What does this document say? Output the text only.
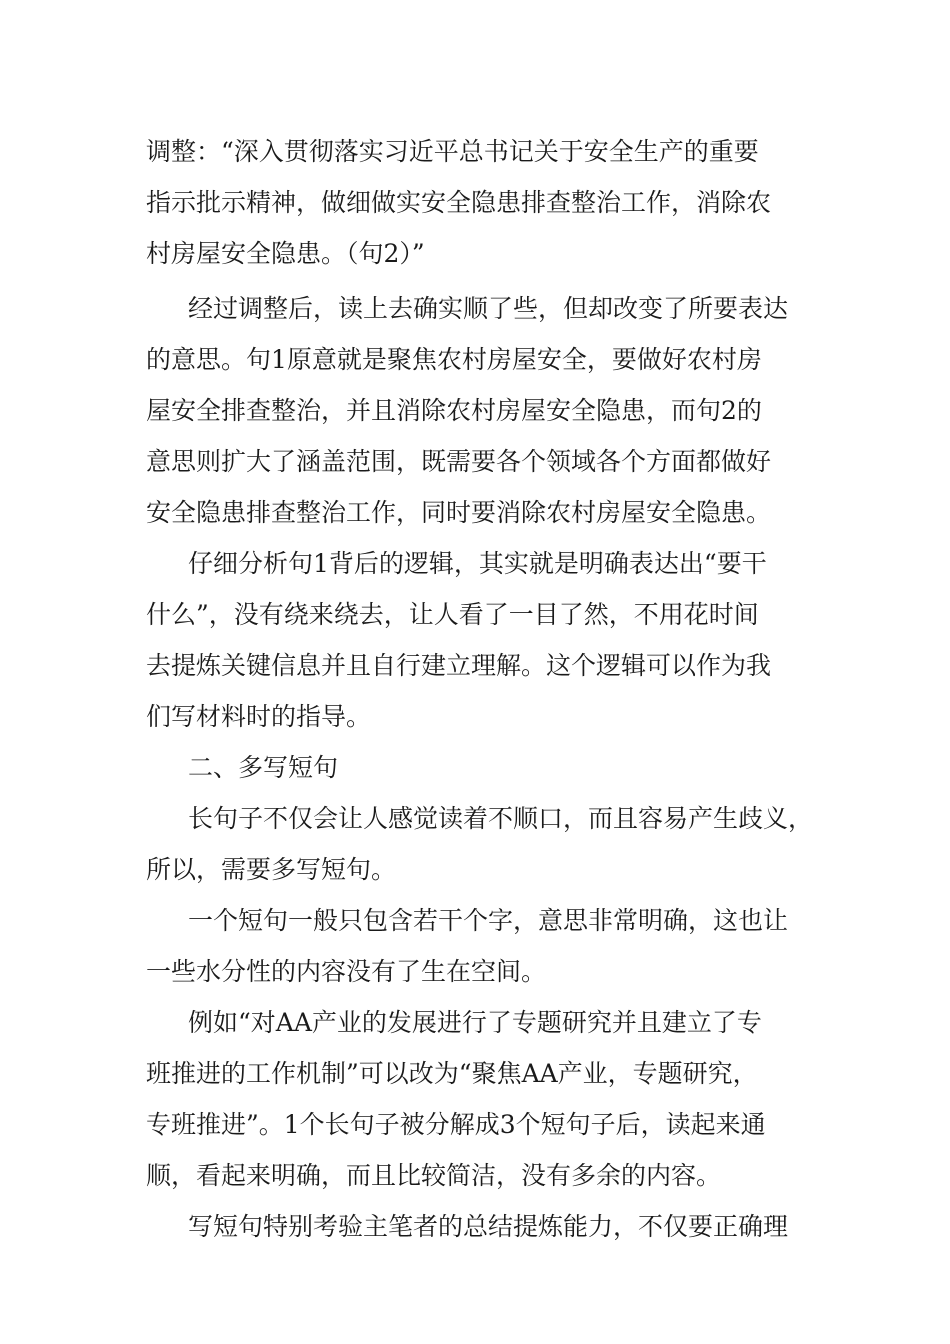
调整：“深入贯彻落实习近平总书记关于安全生产的重要
指示批示精神，做细做实安全隐患排查整治工作，消除农
村房屋安全隐患。（句2）”
经过调整后，读上去确实顺了些，但却改变了所要表达
的意思。句1原意就是聚焦农村房屋安全，要做好农村房
屋安全排查整治，并且消除农村房屋安全隐患，而句2的
意思则扩大了涵盖范围，既需要各个领域各个方面都做好
安全隐患排查整治工作，同时要消除农村房屋安全隐患。
仔细分析句1背后的逻辑，其实就是明确表达出“要干
什么”，没有绕来绕去，让人看了一目了然，不用花时间
去提炼关键信息并且自行建立理解。这个逻辑可以作为我
们写材料时的指导。
二、多写短句
长句子不仅会让人感觉读着不顺口，而且容易产生歧义，
所以，需要多写短句。
一个短句一般只包含若干个字，意思非常明确，这也让
一些水分性的内容没有了生在空间。
例如“对AA产业的发展进行了专题研究并且建立了专
班推进的工作机制”可以改为“聚焦AA产业，专题研究，
专班推进”。1个长句子被分解成3个短句子后，读起来通
顺，看起来明确，而且比较简洁，没有多余的内容。
写短句特别考验主笔者的总结提炼能力，不仅要正确理
